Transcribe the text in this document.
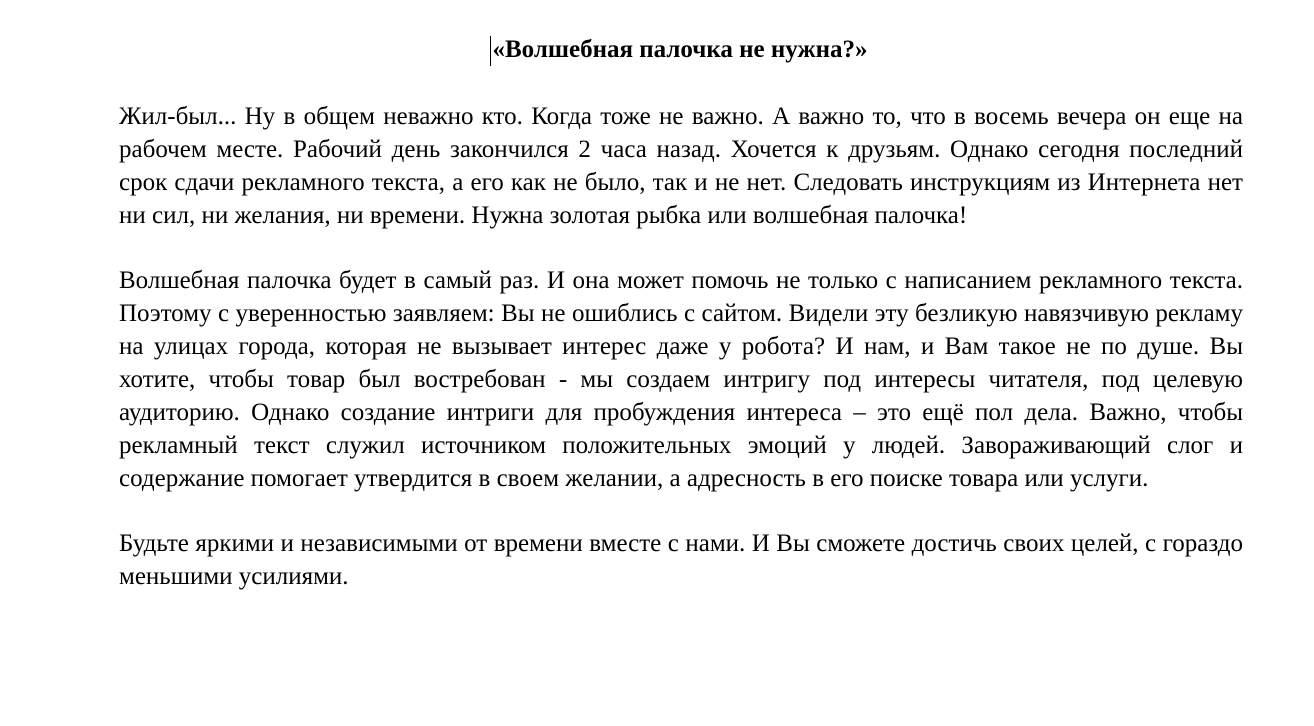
«Волшебная палочка не нужна?»

Жил-был... Ну в общем неважно кто. Когда тоже не важно. А важно то, что в восемь вечера он еще на рабочем месте. Рабочий день закончился 2 часа назад. Хочется к друзьям. Однако сегодня последний срок сдачи рекламного текста, а его как не было, так и не нет. Следовать инструкциям из Интернета нет ни сил, ни желания, ни времени. Нужна золотая рыбка или волшебная палочка!

Волшебная палочка будет в самый раз. И она может помочь не только с написанием рекламного текста. Поэтому с уверенностью заявляем: Вы не ошиблись с сайтом. Видели эту безликую навязчивую рекламу на улицах города, которая не вызывает интерес даже у робота? И нам, и Вам такое не по душе. Вы хотите, чтобы товар был востребован - мы создаем интригу под интересы читателя, под целевую аудиторию. Однако создание интриги для пробуждения интереса – это ещё пол дела. Важно, чтобы рекламный текст служил источником положительных эмоций у людей. Завораживающий слог и содержание помогает утвердится в своем желании, а адресность в его поиске товара или услуги.

Будьте яркими и независимыми от времени вместе с нами. И Вы сможете достичь своих целей, с гораздо меньшими усилиями.
